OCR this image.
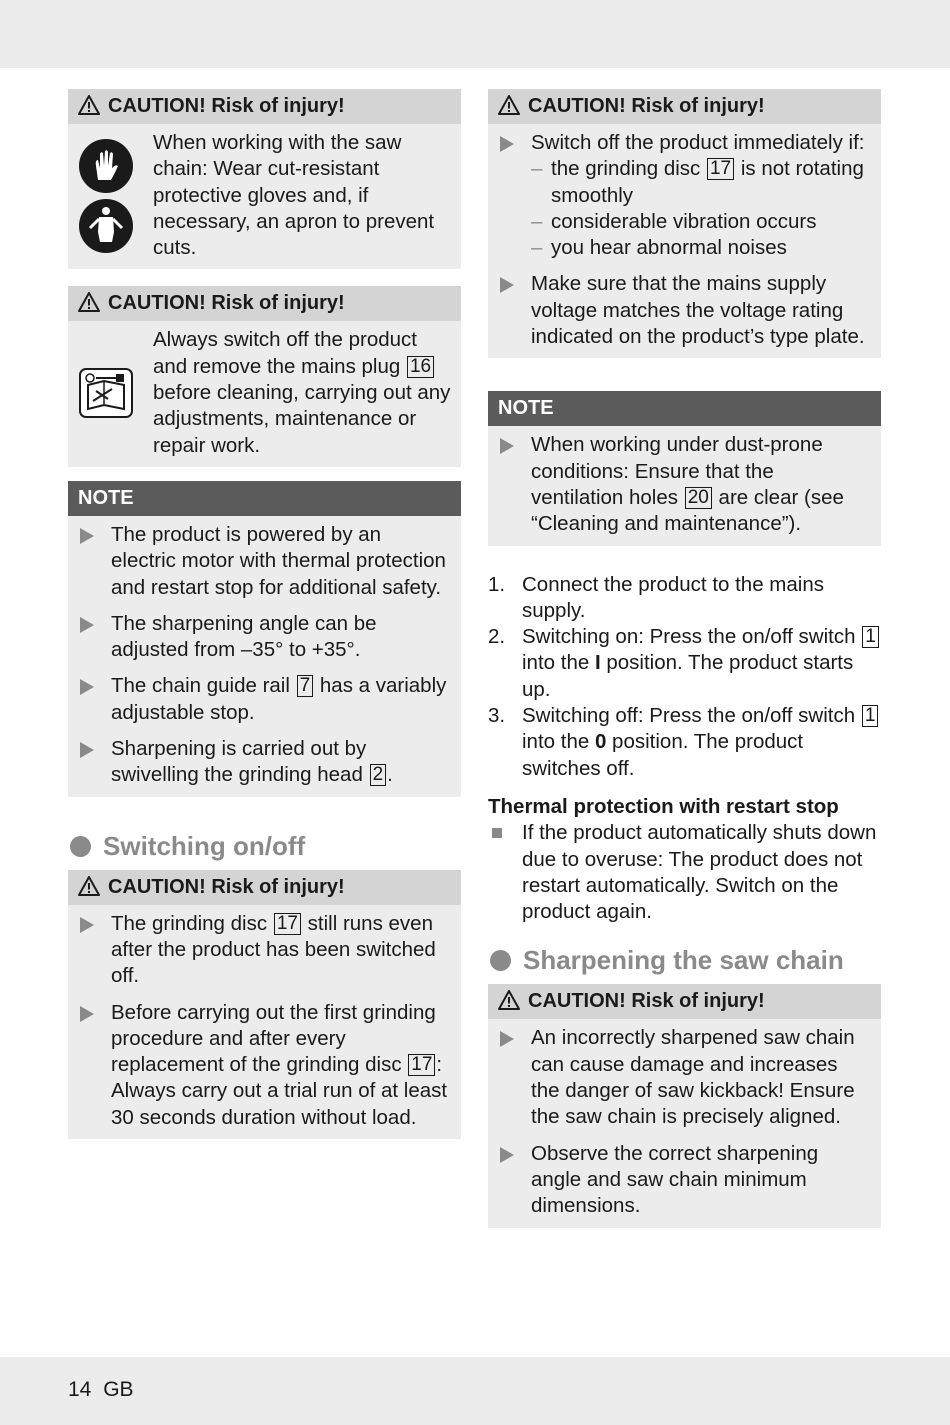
CAUTION! Risk of injury!
When working with the saw chain: Wear cut-resistant protective gloves and, if necessary, an apron to prevent cuts.
CAUTION! Risk of injury!
Always switch off the product and remove the mains plug 16 before cleaning, carrying out any adjustments, maintenance or repair work.
NOTE
The product is powered by an electric motor with thermal protection and restart stop for additional safety.
The sharpening angle can be adjusted from –35° to +35°.
The chain guide rail 7 has a variably adjustable stop.
Sharpening is carried out by swivelling the grinding head 2 .
Switching on/off
CAUTION! Risk of injury!
The grinding disc 17 still runs even after the product has been switched off.
Before carrying out the first grinding procedure and after every replacement of the grinding disc 17 : Always carry out a trial run of at least 30 seconds duration without load.
CAUTION! Risk of injury!
Switch off the product immediately if:
– the grinding disc 17 is not rotating smoothly
– considerable vibration occurs
– you hear abnormal noises
Make sure that the mains supply voltage matches the voltage rating indicated on the product’s type plate.
NOTE
When working under dust-prone conditions: Ensure that the ventilation holes 20 are clear (see “Cleaning and maintenance”).
1. Connect the product to the mains supply.
2. Switching on: Press the on/off switch 1 into the I position. The product starts up.
3. Switching off: Press the on/off switch 1 into the 0 position. The product switches off.
Thermal protection with restart stop
If the product automatically shuts down due to overuse: The product does not restart automatically. Switch on the product again.
Sharpening the saw chain
CAUTION! Risk of injury!
An incorrectly sharpened saw chain can cause damage and increases the danger of saw kickback! Ensure the saw chain is precisely aligned.
Observe the correct sharpening angle and saw chain minimum dimensions.
14 GB
